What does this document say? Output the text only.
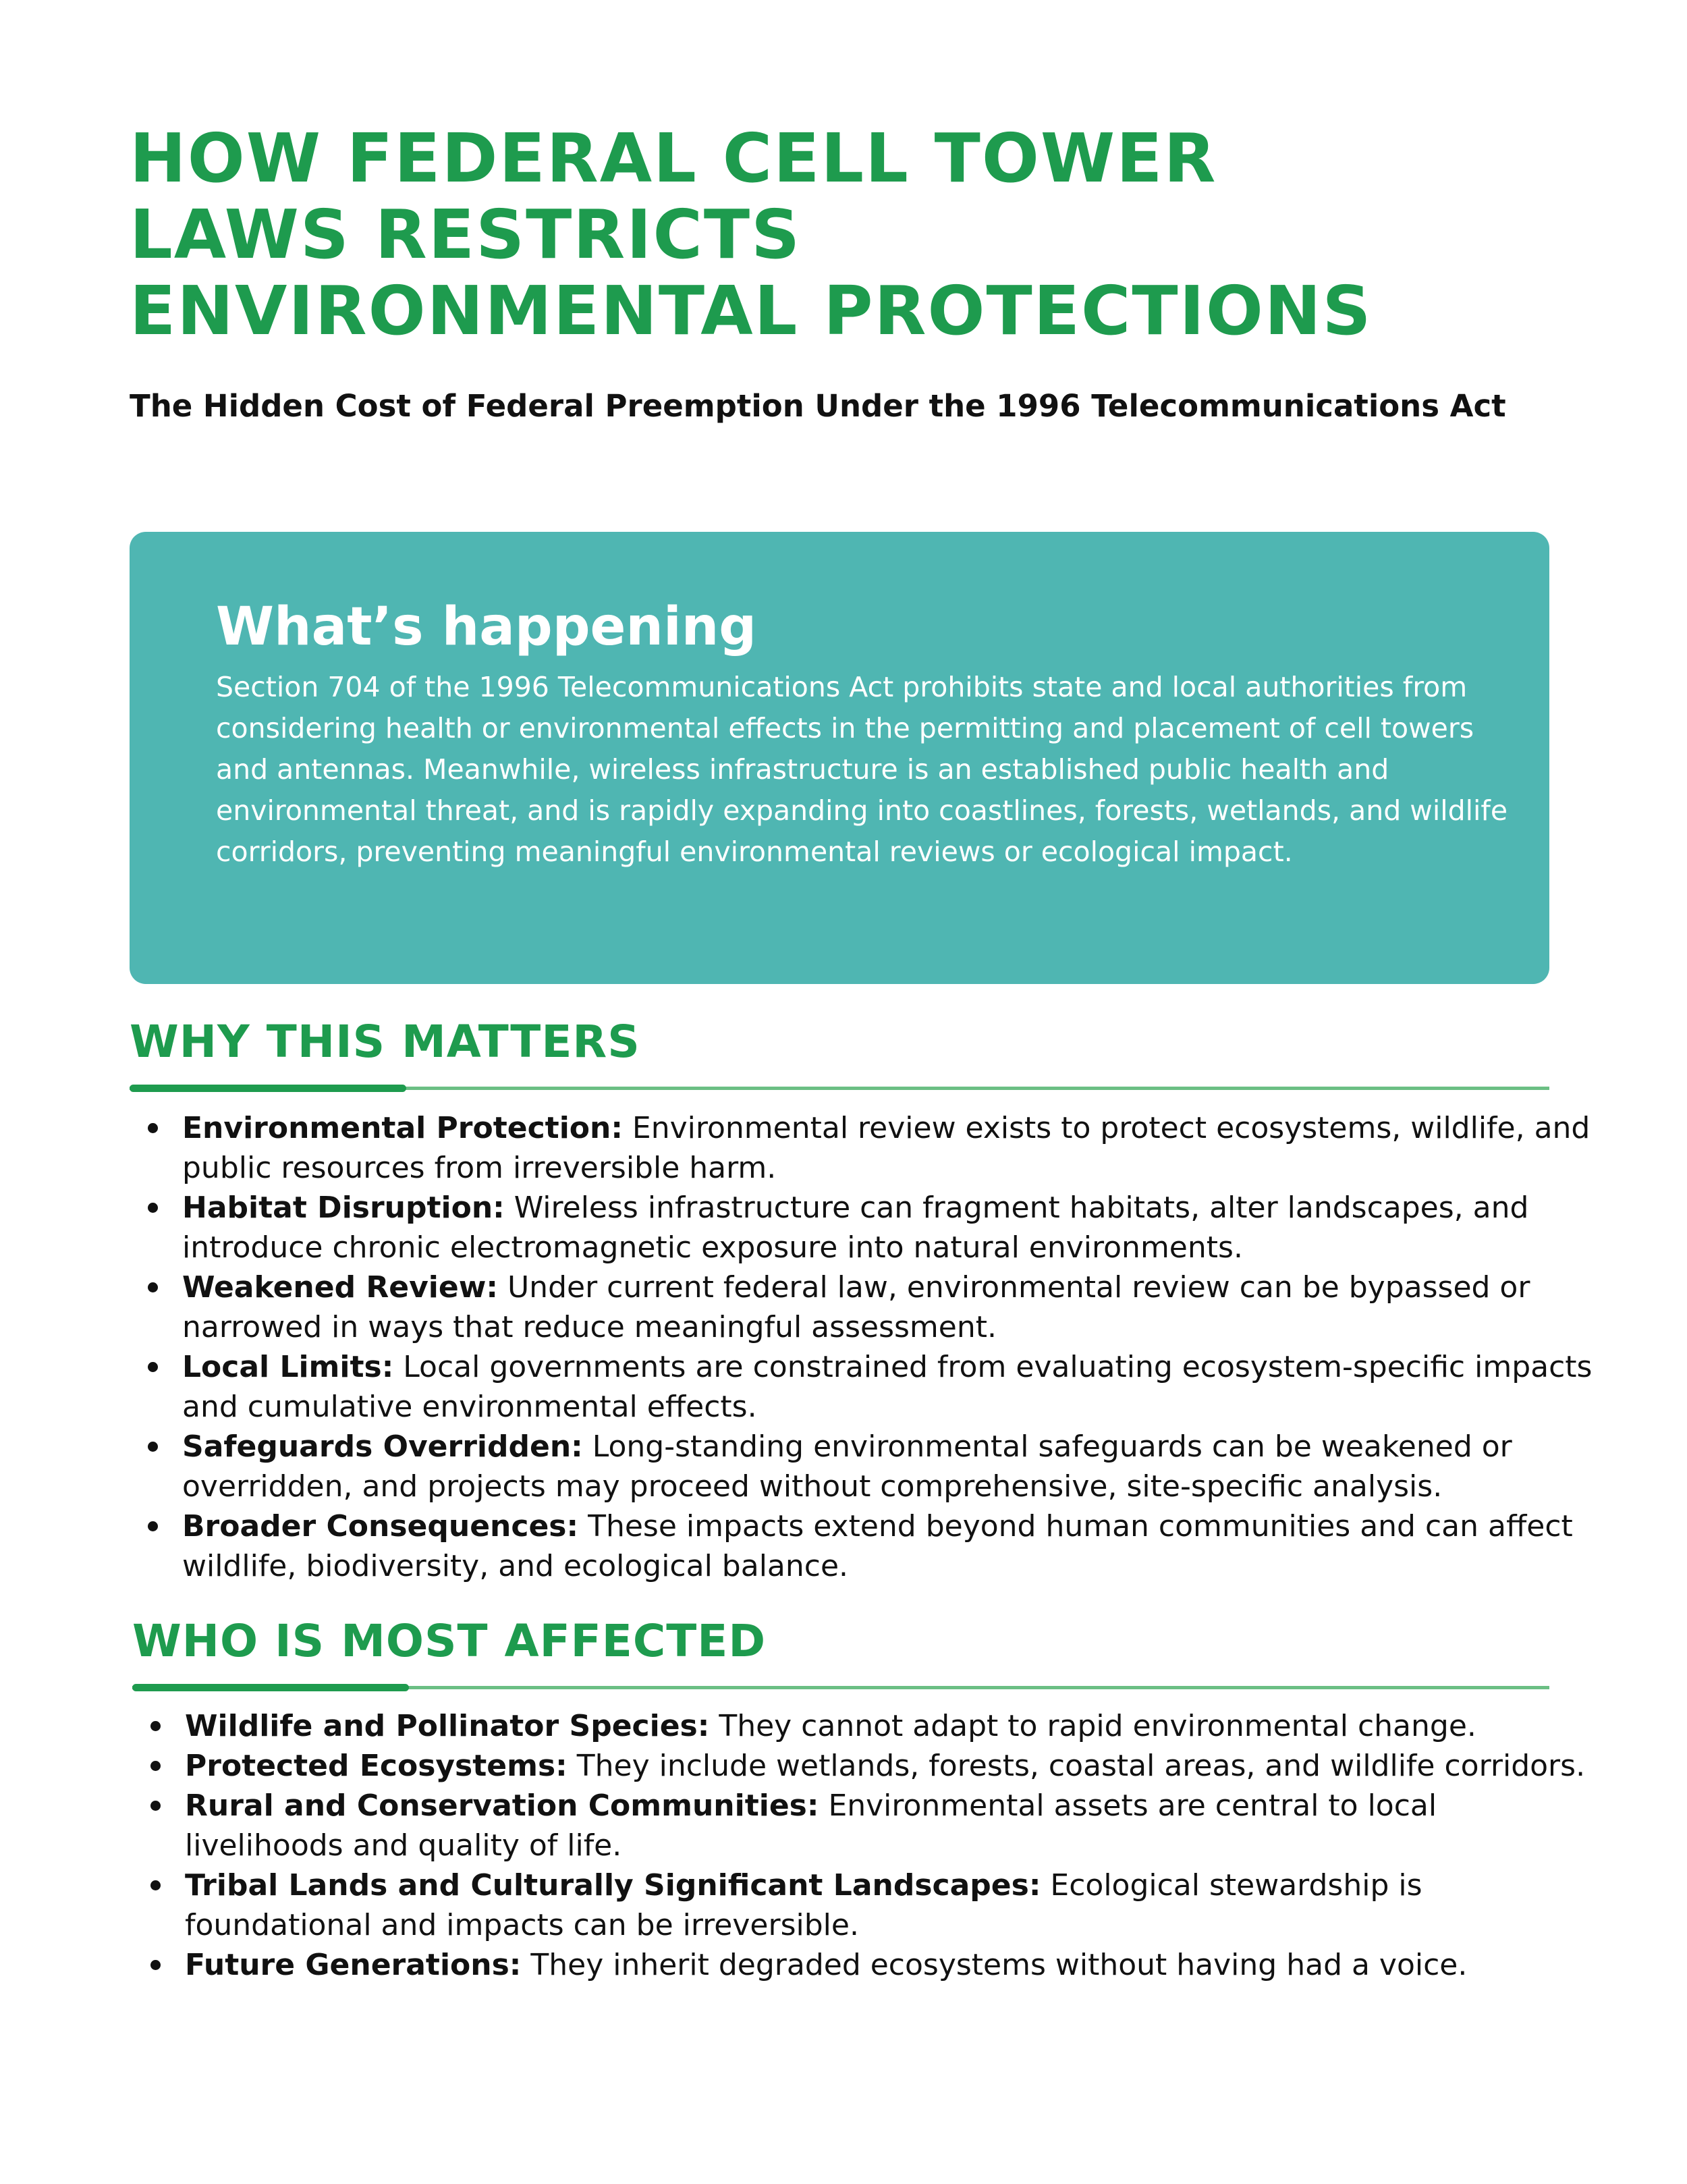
HOW FEDERAL CELL TOWER
LAWS RESTRICTS
ENVIRONMENTAL PROTECTIONS

The Hidden Cost of Federal Preemption Under the 1996 Telecommunications Act

What’s happening

Section 704 of the 1996 Telecommunications Act prohibits state and local authorities from considering health or environmental effects in the permitting and placement of cell towers and antennas. Meanwhile, wireless infrastructure is an established public health and environmental threat, and is rapidly expanding into coastlines, forests, wetlands, and wildlife corridors, preventing meaningful environmental reviews or ecological impact.

WHY THIS MATTERS
Environmental Protection: Environmental review exists to protect ecosystems, wildlife, and public resources from irreversible harm.
Habitat Disruption: Wireless infrastructure can fragment habitats, alter landscapes, and introduce chronic electromagnetic exposure into natural environments.
Weakened Review: Under current federal law, environmental review can be bypassed or narrowed in ways that reduce meaningful assessment.
Local Limits: Local governments are constrained from evaluating ecosystem-specific impacts and cumulative environmental effects.
Safeguards Overridden: Long-standing environmental safeguards can be weakened or overridden, and projects may proceed without comprehensive, site-specific analysis.
Broader Consequences: These impacts extend beyond human communities and can affect wildlife, biodiversity, and ecological balance.
WHO IS MOST AFFECTED
Wildlife and Pollinator Species: They cannot adapt to rapid environmental change.
Protected Ecosystems: They include wetlands, forests, coastal areas, and wildlife corridors.
Rural and Conservation Communities: Environmental assets are central to local livelihoods and quality of life.
Tribal Lands and Culturally Significant Landscapes: Ecological stewardship is foundational and impacts can be irreversible.
Future Generations: They inherit degraded ecosystems without having had a voice.
